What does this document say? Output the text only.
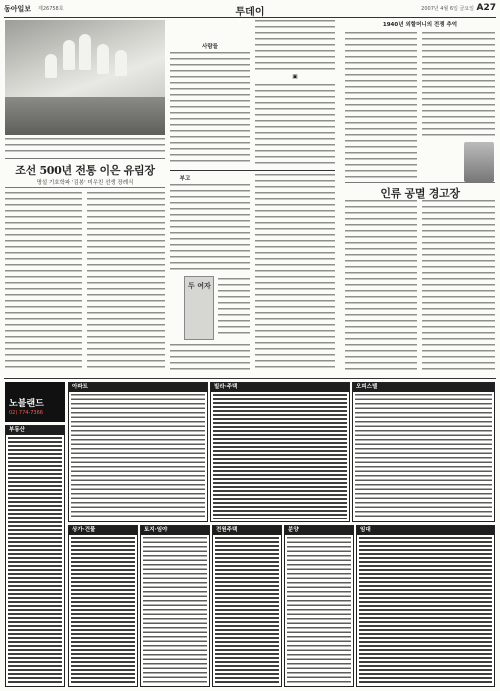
동아일보 제26758호	투데이	2007년 4월 6일 금요일 A27
조선 500년 전통 이은 유림장
명설 기호학파 '김봉' 미우친 선생 장례식
사람들
▣
부고
두 여자
1940년 외할머니의 전쟁 추억
인류 공멸 경고장
노블랜드
02) 774-7366
부동산
아파트	빌라·주택	오피스텔
상가·건물	토지·임야	전원주택	분양	임대
